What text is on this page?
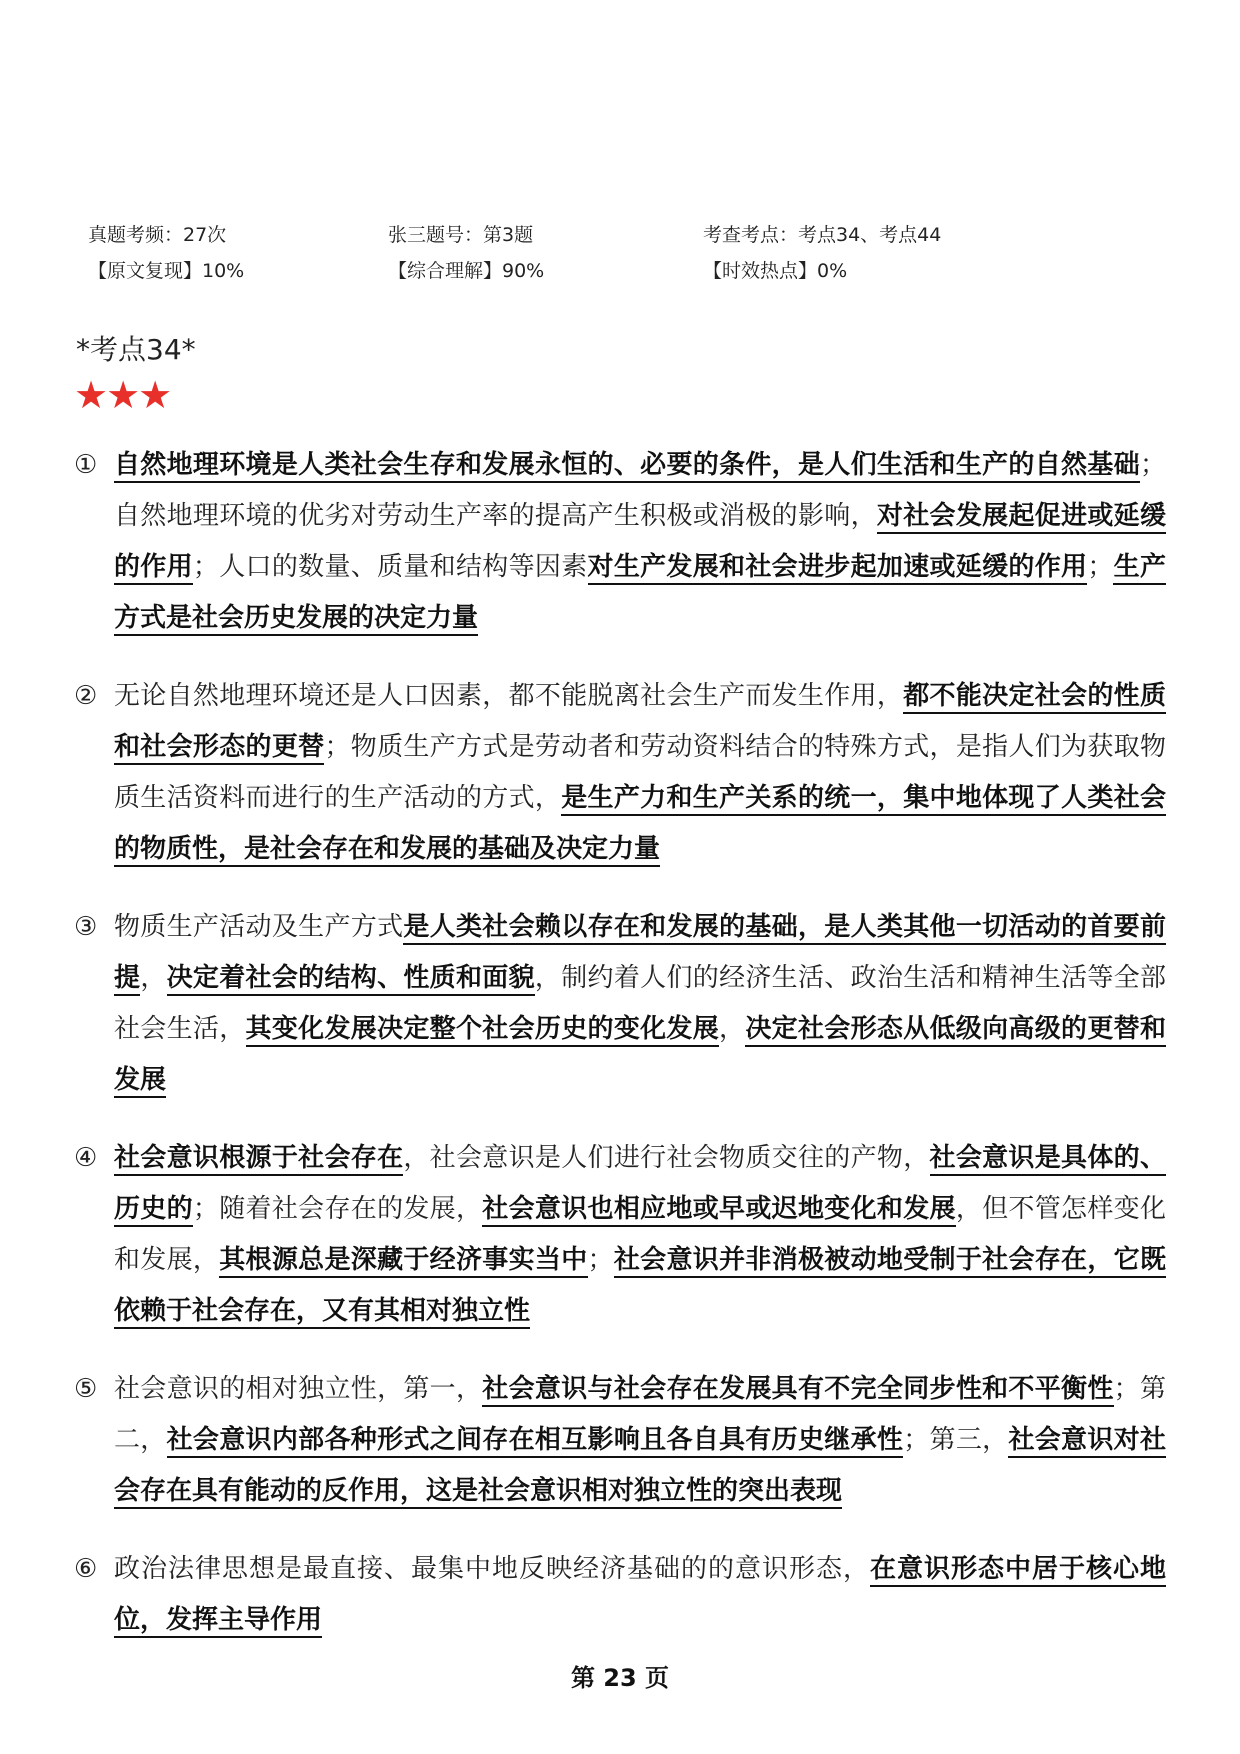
真题考频：27次	张三题号：第3题	考查考点：考点34、考点44
【原文复现】10%	【综合理解】90%	【时效热点】0%
*考点34*
★★★
① 自然地理环境是人类社会生存和发展永恒的、必要的条件，是人们生活和生产的自然基础；自然地理环境的优劣对劳动生产率的提高产生积极或消极的影响，对社会发展起促进或延缓的作用；人口的数量、质量和结构等因素对生产发展和社会进步起加速或延缓的作用；生产方式是社会历史发展的决定力量
② 无论自然地理环境还是人口因素，都不能脱离社会生产而发生作用，都不能决定社会的性质和社会形态的更替；物质生产方式是劳动者和劳动资料结合的特殊方式，是指人们为获取物质生活资料而进行的生产活动的方式，是生产力和生产关系的统一，集中地体现了人类社会的物质性，是社会存在和发展的基础及决定力量
③ 物质生产活动及生产方式是人类社会赖以存在和发展的基础，是人类其他一切活动的首要前提，决定着社会的结构、性质和面貌，制约着人们的经济生活、政治生活和精神生活等全部社会生活，其变化发展决定整个社会历史的变化发展，决定社会形态从低级向高级的更替和发展
④ 社会意识根源于社会存在，社会意识是人们进行社会物质交往的产物，社会意识是具体的、历史的；随着社会存在的发展，社会意识也相应地或早或迟地变化和发展，但不管怎样变化和发展，其根源总是深藏于经济事实当中；社会意识并非消极被动地受制于社会存在，它既依赖于社会存在，又有其相对独立性
⑤ 社会意识的相对独立性，第一，社会意识与社会存在发展具有不完全同步性和不平衡性；第二，社会意识内部各种形式之间存在相互影响且各自具有历史继承性；第三，社会意识对社会存在具有能动的反作用，这是社会意识相对独立性的突出表现
⑥ 政治法律思想是最直接、最集中地反映经济基础的的意识形态，在意识形态中居于核心地位，发挥主导作用
第 23 页
